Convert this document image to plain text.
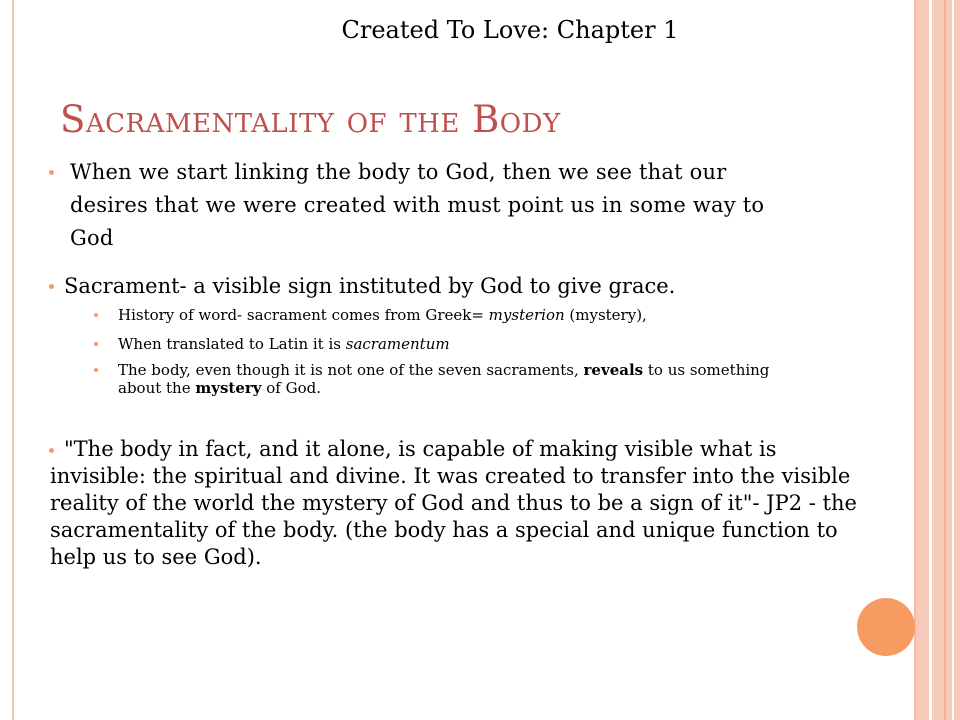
Created To Love: Chapter 1
Sacramentality of the Body
When we start linking the body to God, then we see that our
desires that we were created with must point us in some way to
God
Sacrament- a visible sign instituted by God to give grace.
History of word- sacrament comes from Greek= mysterion (mystery),
When translated to Latin it is sacramentum
The body, even though it is not one of the seven sacraments, reveals to us something about the mystery of God.
"The body in fact, and it alone, is capable of making visible what is invisible: the spiritual and divine. It was created to transfer into the visible reality of the world the mystery of God and thus to be a sign of it"- JP2 - the sacramentality of the body. (the body has a special and unique function to help us to see God).
